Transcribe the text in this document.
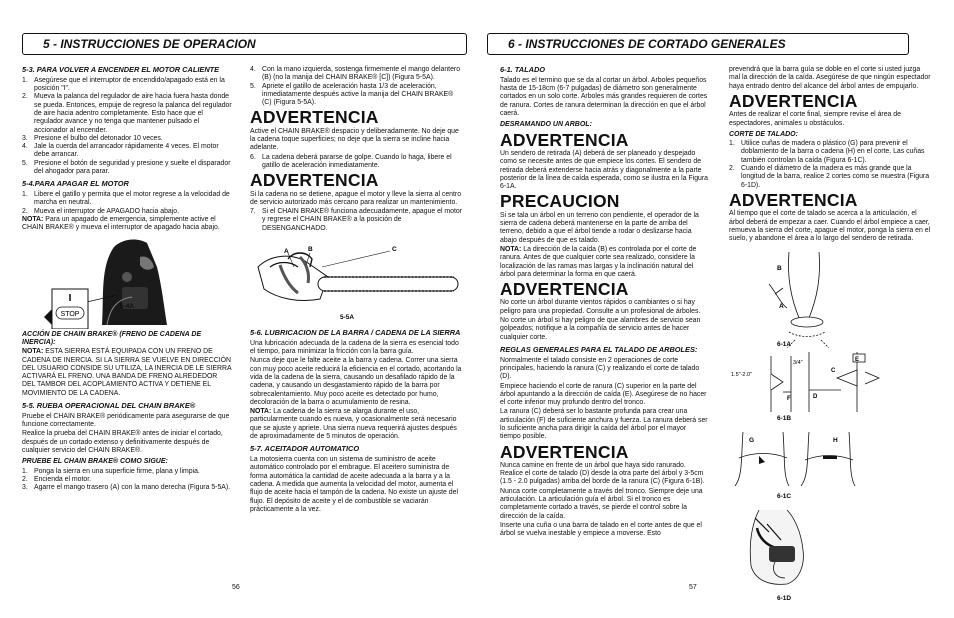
5 - INSTRUCCIONES DE OPERACION
5-3. PARA VOLVER A ENCENDER EL MOTOR CALIENTE
1. Asegúrese que el interruptor de encendido/apagado está en la posición "I".
2. Mueva la palanca del regulador de aire hacia fuera hasta donde se pueda. Entonces, empuje de regreso la palanca del regulador de aire hacia adentro completamente. Esto hace que el regulador avance y no tenga que mantener pulsado el accionador al encender.
3. Presione el bulbo del detonador 10 veces.
4. Jale la cuerda del arrancador rápidamente 4 veces. El motor debe arrancar.
5. Presione el botón de seguridad y presione y suelte el disparador del ahogador para parar.
5-4.PARA APAGAR EL MOTOR
1. Libere el gatillo y permita que el motor regrese a la velocidad de marcha en neutral.
2. Mueva el interruptor de APAGADO hacia abajo.

NOTA: Para un apagado de emergencia, simplemente active el CHAIN BRAKE® y mueva el interruptor de apagado hacia abajo.

I
STOP
5-4A
ACCIÓN DE CHAIN BRAKE® (FRENO DE CADENA DE INERCIA):

NOTA: ESTA SIERRA ESTÁ EQUIPADA CON UN FRENO DE CADENA DE INERCIA. SI LA SIERRA SE VUELVE EN DIRECCIÓN DEL USUARIO CONSIDE SU UTILIZA, LA INERCIA DE LE SIERRA ACTIVARÁ EL FRENO. UNA BANDA DE FRENO ALREDEDOR DEL TAMBOR DEL ACOPLAMIENTO ACTIVA Y DETIENE EL MOVIMIENTO DE LA CADENA.

5-5. RUEBA OPERACIONAL DEL CHAIN BRAKE®

Pruebe el CHAIN BRAKE® periódicamente para asegurarse de que funcione correctamente.

Realice la prueba del CHAIN BRAKE® antes de iniciar el cortado, después de un cortado extenso y definitivamente después de cualquier servicio del CHAIN BRAKE®.

PRUEBE EL CHAIN BRAKE® COMO SIGUE:
1. Ponga la sierra en una superficie firme, plana y limpia.
2. Encienda el motor.
3. Agarre el mango trasero (A) con la mano derecha (Figura 5-5A).
4. Con la mano izquierda, sostenga firmemente el mango delantero (B) (no la manija del CHAIN BRAKE® [C]) (Figura 5-5A).
5. Apriete el gatillo de aceleración hasta 1/3 de aceleración, inmediatamente después active la manija del CHAIN BRAKE® (C) (Figura 5-5A).
ADVERTENCIA

Active el CHAIN BRAKE® despacio y deliberadamente. No deje que la cadena toque superficies; no deje que la sierra se incline hacia adelante.

6. La cadena deberá pararse de golpe. Cuando lo haga, libere el gatillo de aceleración inmediatamente.
ADVERTENCIA

Si la cadena no se detiene, apague el motor y lleve la sierra al centro de servicio autorizado más cercano para realizar un mantenimiento.

7. Si el CHAIN BRAKE® funciona adecuadamente, apague el motor y regrese el CHAIN BRAKE® a la posición de DESENGANCHADO.
A	B	C
5-5A
5-6. LUBRICACION DE LA BARRA / CADENA DE LA SIERRA

Una lubricación adecuada de la cadena de la sierra es esencial todo el tiempo, para minimizar la fricción con la barra guía.

Nunca deje que le falte aceite a la barra y cadena. Correr una sierra con muy poco aceite reducirá la eficiencia en el cortado, acortando la vida de la cadena de la sierra, causando un desafilado rápido de la cadena, y causando un desgastamiento rápido de la barra por sobrecalentamiento. Muy poco aceite es detectado por humo, decoloración de la barra o acumulamiento de resina.

NOTA: La cadena de la sierra se alarga durante el uso, particularmente cuando es nueva, y ocasionalmente será necesario que se ajuste y apriete. Una sierra nueva requerirá ajustes después de aproximadamente de 5 minutos de operación.

5-7. ACEITADOR AUTOMATICO

La motosierra cuenta con un sistema de suministro de aceite automático controlado por el embrague. El aceitero suministra de forma automática la cantidad de aceite adecuada a la barra y a la cadena. A medida que aumenta la velocidad del motor, aumenta el flujo de aceite hacia el tampón de la cadena. No existe un ajuste del flujo. El depósito de aceite y el de combustible se vaciarán prácticamente a la vez.

56
6 - INSTRUCCIONES DE CORTADO GENERALES
6-1. TALADO

Talado es el termino que se da al cortar un árbol. Arboles pequeños hasta de 15-18cm (6-7 pulgadas) de diámetro son generalmente cortados en un solo corte. Arboles más grandes requieren de cortes de ranura. Cortes de ranura determinan la dirección en que el árbol caerá.

DESRAMANDO UN ARBOL:
ADVERTENCIA

Un sendero de retirada (A) deberá de ser planeado y despejado como se necesite antes de que empiece los cortes. El sendero de retirada deberá extenderse hacia atrás y diagonalmente a la parte posterior de la línea de caída esperada, como se ilustra en la Figura 6-1A.

PRECAUCION

Si se tala un árbol en un terreno con pendiente, el operador de la sierra de cadena deberá mantenerse en la parte de arriba del terreno, debido a que el árbol tiende a rodar o deslizarse hacia abajo después de que es talado.

NOTA: La dirección de la caída (B) es controlada por el corte de ranura. Antes de que cualquier corte sea realizado, considere la localización de las ramas mas largas y la inclinación natural del árbol para determinar la forma en que caerá.

ADVERTENCIA

No corte un árbol durante vientos rápidos o cambiantes o si hay peligro para una propiedad. Consulte a un profesional de árboles.

No corte un árbol si hay peligro de que alambres de servicio sean golpeados; notifique a la compañía de servicio antes de hacer cualquier corte.

REGLAS GENERALES PARA EL TALADO DE ARBOLES:

Normalmente el talado consiste en 2 operaciones de corte principales, haciendo la ranura (C) y realizando el corte de talado (D).

Empiece haciendo el corte de ranura (C) superior en la parte del árbol apuntando a la dirección de caída (E). Asegúrese de no hacer el corte inferior muy profundo dentro del tronco.

La ranura (C) deberá ser lo bastante profunda para crear una articulación (F) de suficiente anchura y fuerza. La ranura deberá ser lo suficiente ancha para dirigir la caída del árbol por el mayor tiempo posible.

ADVERTENCIA

Nunca camine en frente de un árbol que haya sido ranurado. Realice el corte de talado (D) desde la otra parte del árbol y 3-5cm (1.5 - 2.0 pulgadas) arriba del borde de la ranura (C) (Figura 6-1B).

Nunca corte completamente a través del tronco. Siempre deje una articulación. La articulación guía el árbol. Si el tronco es completamente cortado a través, se pierde el control sobre la dirección de la caída.

Inserte una cuña o una barra de talado en el corte antes de que el árbol se vuelva inestable y empiece a moverse. Esto

prevendrá que la barra guía se doble en el corte si usted juzga mal la dirección de la caída. Asegúrese de que ningún espectador haya entrado dentro del alcance del árbol antes de empujarlo.

ADVERTENCIA

Antes de realizar el corte final, siempre revise el área de espectadores, animales u obstáculos.

CORTE DE TALADO:
1. Utilice cuñas de madera o plástico (G) para prevenir el doblamiento de la barra o cadena (H) en el corte. Las cuñas también controlan la caída (Figura 6-1C).
2. Cuando el diámetro de la madera es más grande que la longitud de la barra, realice 2 cortes como se muestra (Figura 6-1D).
ADVERTENCIA

Al tiempo que el corte de talado se acerca a la articulación, el árbol deberá de empezar a caer. Cuando el árbol empiece a caer, remueva la sierra del corte, apague el motor, ponga la sierra en el suelo, y abandone el área a lo largo del sendero de retirada.

B
A
6-1A
E
1.5"-2.0"
3/4"
C
D
F
6-1B
G	H
6-1C
6-1D
57
